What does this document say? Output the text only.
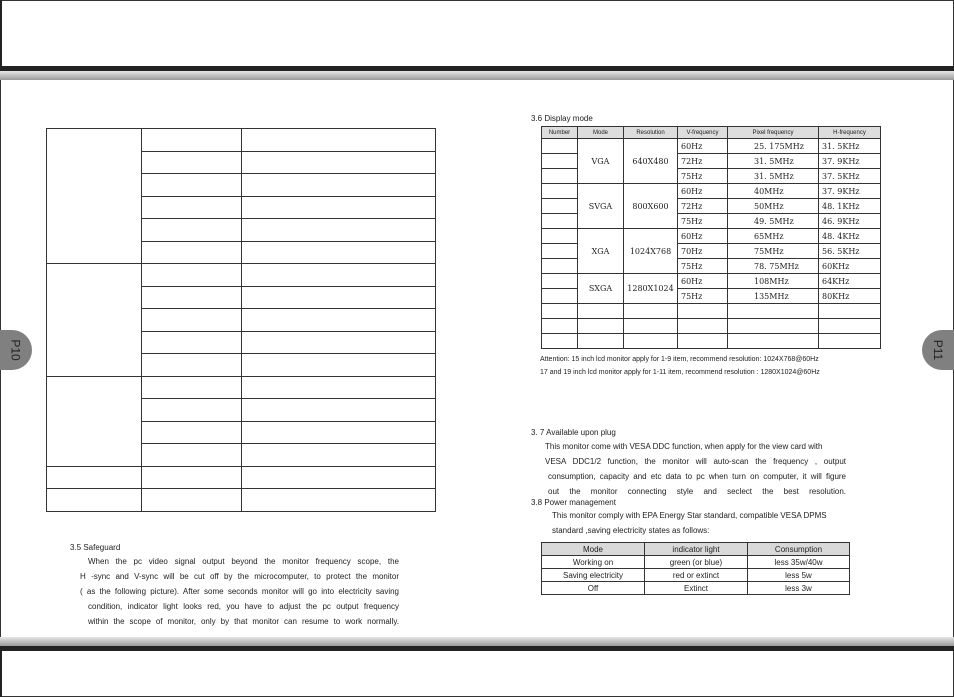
P10	P11

3.5 Safeguard
When the pc video signal output beyond the monitor frequency scope, the
H -sync and V-sync will be cut off by the microcomputer, to protect the monitor
( as the following picture). After some seconds monitor will go into electricity saving
condition, indicator light looks red, you have to adjust the pc output frequency
within the scope of monitor, only by that monitor can resume to work normally.
3.6 Display mode
Number	Mode	Resolution	V-frequency	Pixel frequency	H-frequency
	VGA	640X480	60Hz	25. 175MHz	31. 5KHz
			72Hz	31. 5MHz	37. 9KHz
			75Hz	31. 5MHz	37. 5KHz
	SVGA	800X600	60Hz	40MHz	37. 9KHz
			72Hz	50MHz	48. 1KHz
			75Hz	49. 5MHz	46. 9KHz
	XGA	1024X768	60Hz	65MHz	48. 4KHz
			70Hz	75MHz	56. 5KHz
			75Hz	78. 75MHz	60KHz
	SXGA	1280X1024	60Hz	108MHz	64KHz
			75Hz	135MHz	80KHz

Attention: 15 inch lcd monitor apply for 1-9 item, recommend resolution: 1024X768@60Hz
17 and 19 inch lcd monitor apply for 1-11 item, recommend resolution : 1280X1024@60Hz
3. 7 Available upon plug
This monitor come with VESA DDC function, when apply for the view card with
VESA DDC1/2 function, the monitor will auto-scan the frequency , output
consumption, capacity and etc data to pc when turn on computer, it will figure
out the monitor connecting style and seclect the best resolution.
3.8 Power management
This monitor comply with EPA Energy Star standard, compatible VESA DPMS
standard ,saving electricity states as follows:
Mode	indicator light	Consumption
Working on	green (or blue)	less 35w/40w
Saving electricity	red or extinct	less 5w
Off	Extinct	less 3w
